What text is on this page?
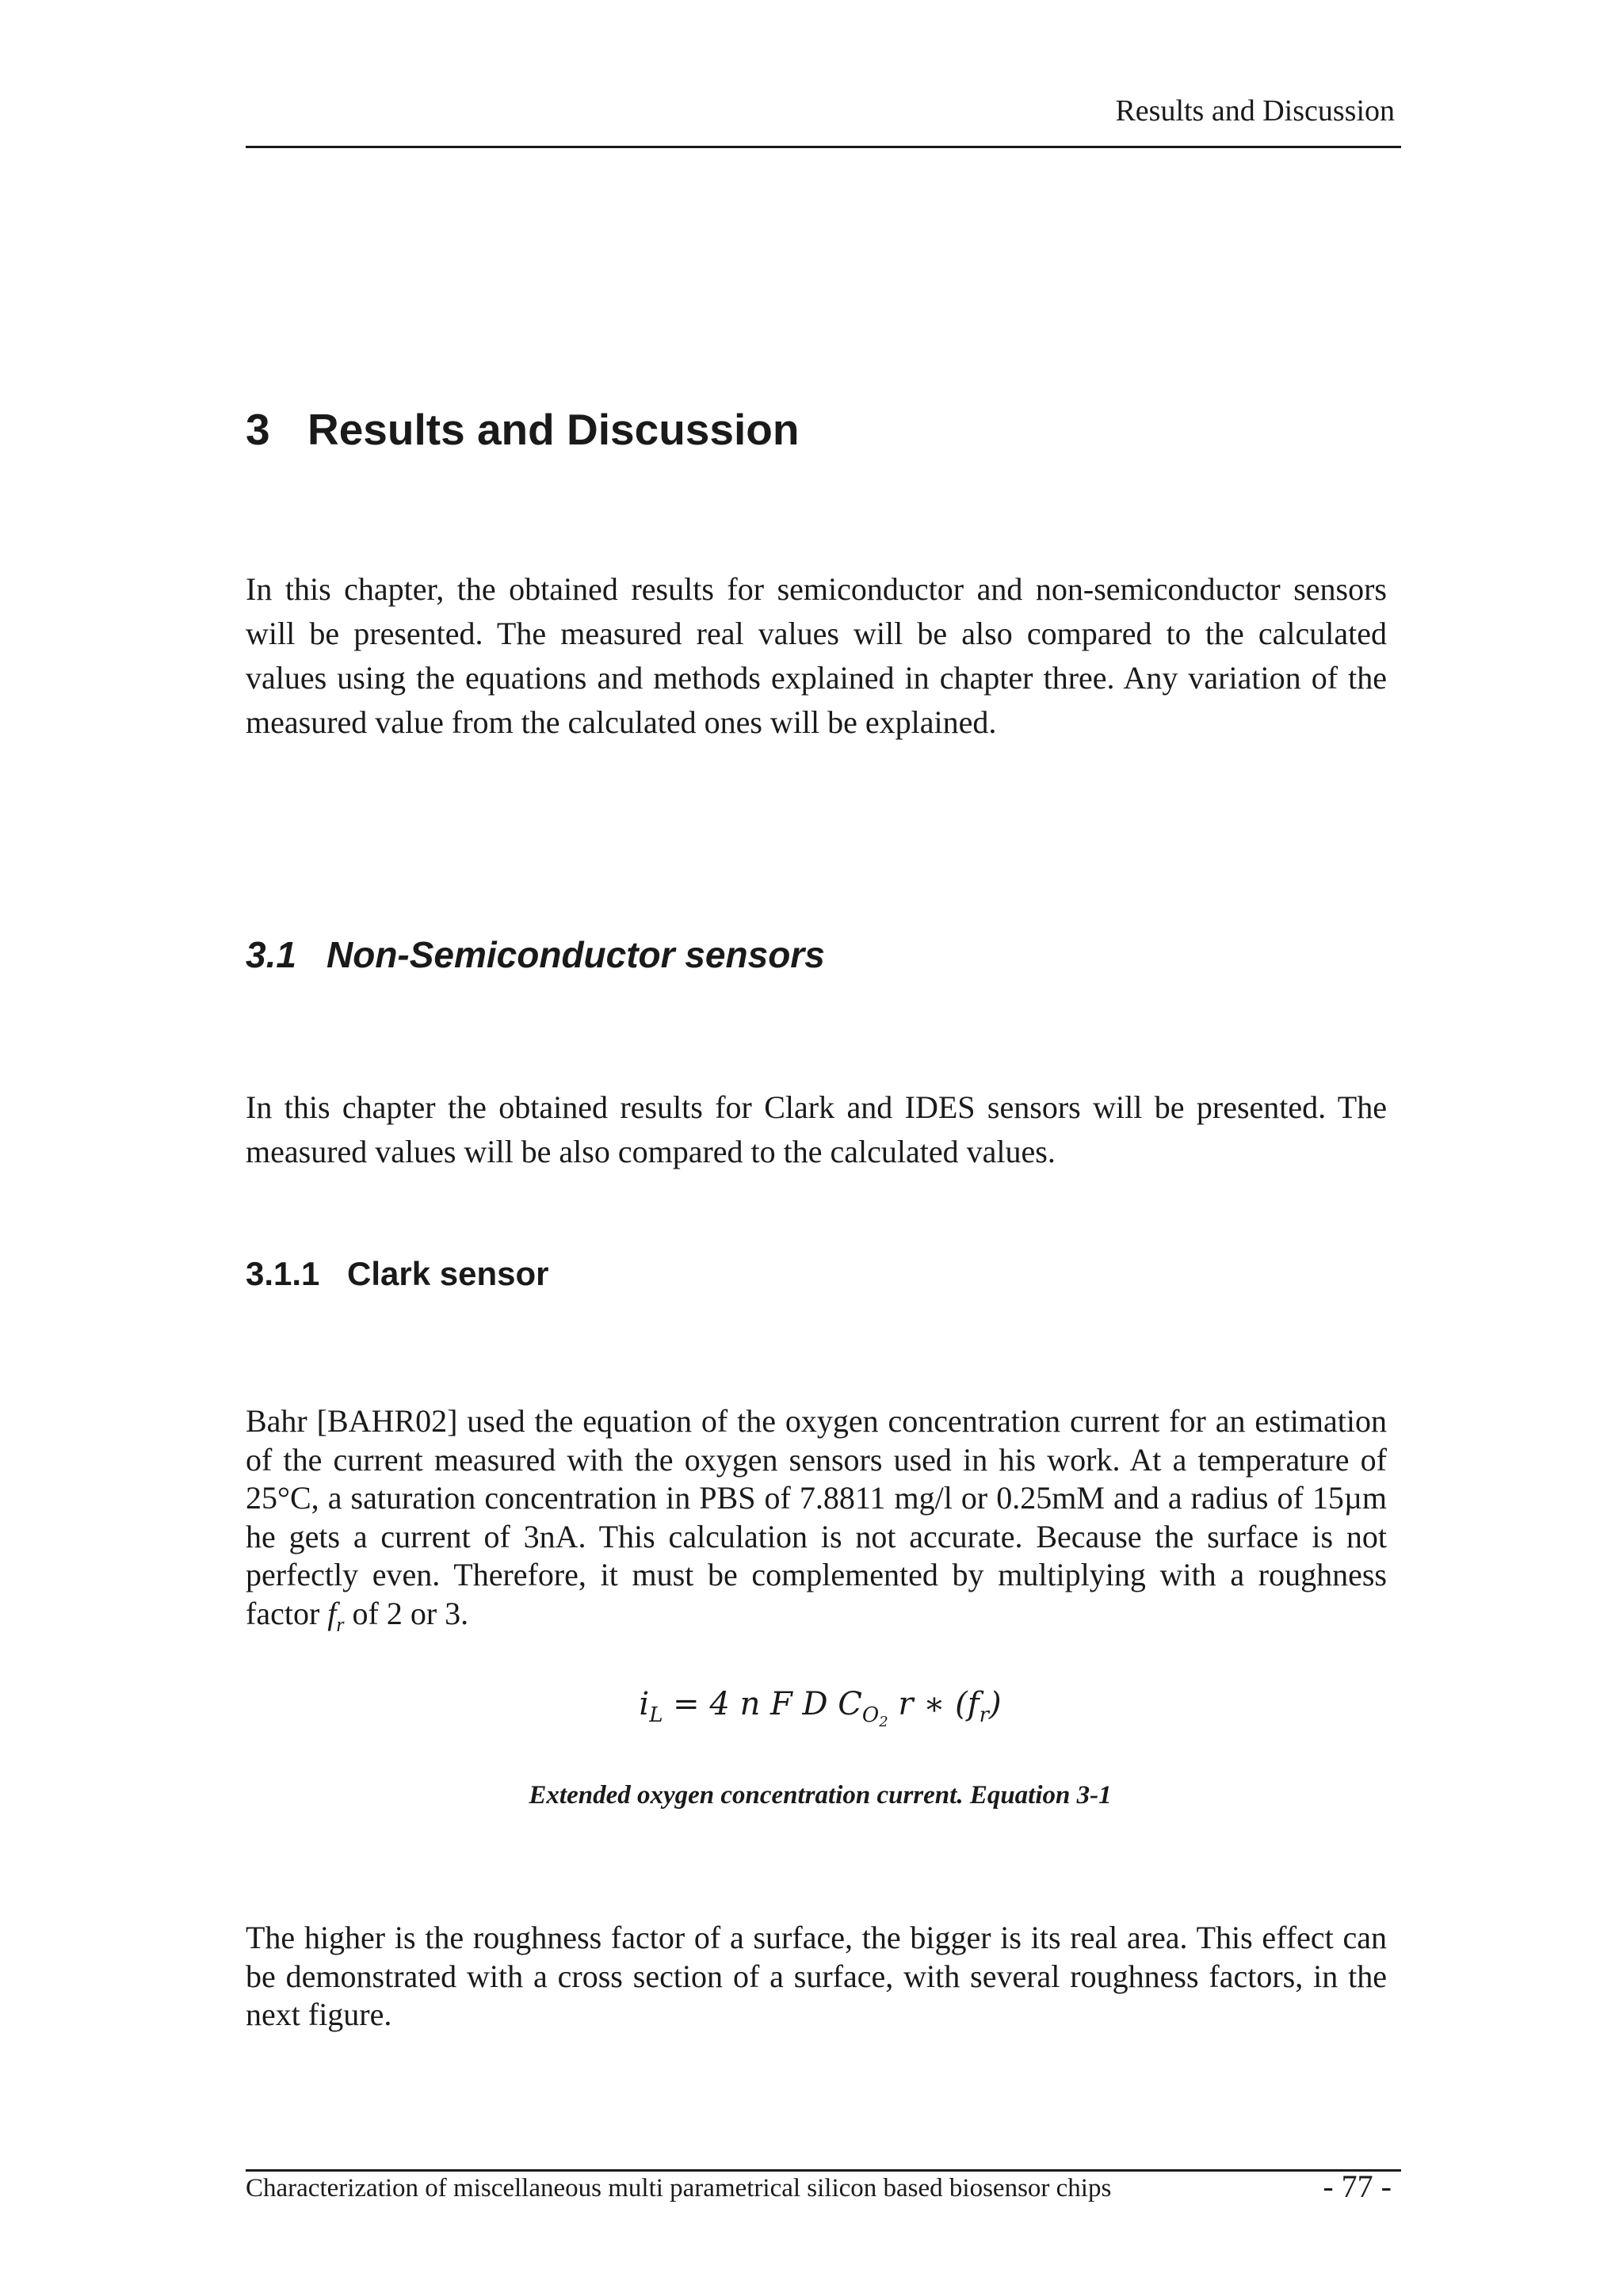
Results and Discussion
3 Results and Discussion

In this chapter, the obtained results for semiconductor and non-semiconductor sensors will be presented. The measured real values will be also compared to the calculated values using the equations and methods explained in chapter three. Any variation of the measured value from the calculated ones will be explained.

3.1 Non-Semiconductor sensors

In this chapter the obtained results for Clark and IDES sensors will be presented. The measured values will be also compared to the calculated values.

3.1.1 Clark sensor

Bahr [BAHR02] used the equation of the oxygen concentration current for an estimation of the current measured with the oxygen sensors used in his work. At a temperature of 25°C, a saturation concentration in PBS of 7.8811 mg/l or 0.25mM and a radius of 15µm he gets a current of 3nA. This calculation is not accurate. Because the surface is not perfectly even. Therefore, it must be complemented by multiplying with a roughness factor $f_r$ of 2 or 3.

$i_L = 4$ n F D $C_{O_2}$ r ∗ $(f_r)$
Extended oxygen concentration current. Equation 3-1

The higher is the roughness factor of a surface, the bigger is its real area. This effect can be demonstrated with a cross section of a surface, with several roughness factors, in the next figure.

Characterization of miscellaneous multi parametrical silicon based biosensor chips	- 77 -
